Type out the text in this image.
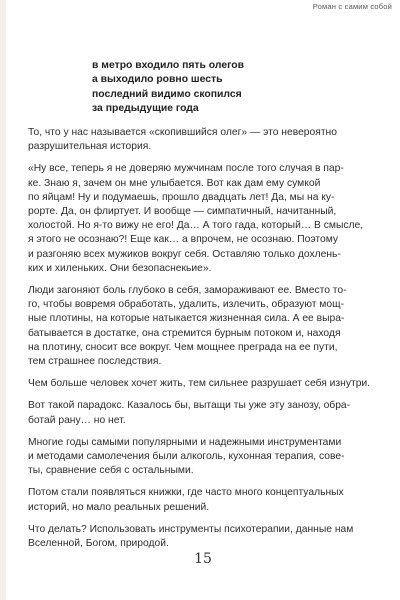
Роман с самим собой
в метро входило пять олегов
а выходило ровно шесть
последний видимо скопился
за предыдущие года
То, что у нас называется «скопившийся олег» — это невероятно
разрушительная история.
«Ну все, теперь я не доверяю мужчинам после того случая в пар-
ке. Знаю я, зачем он мне улыбается. Вот как дам ему сумкой
по яйцам! Ну и подумаешь, прошло двадцать лет! Да, мы на ку-
рорте. Да, он флиртует. И вообще — симпатичный, начитанный,
холостой. Но я-то вижу не его! Да… А того гада, который… В смысле,
я этого не осознаю?! Еще как… а впрочем, не осознаю. Поэтому
и разгоняю всех мужиков вокруг себя. Оставляю только дохлень-
ких и хиленьких. Они безопаснекьие».
Люди загоняют боль глубоко в себя, замораживают ее. Вместо то-
го, чтобы вовремя обработать, удалить, излечить, образуют мощ-
ные плотины, на которые натыкается жизненная сила. А ее выра-
батывается в достатке, она стремится бурным потоком и, находя
на плотину, сносит все вокруг. Чем мощнее преграда на ее пути,
тем страшнее последствия.
Чем больше человек хочет жить, тем сильнее разрушает себя изнутри.
Вот такой парадокс. Казалось бы, вытащи ты уже эту занозу, обра-
ботай рану… но нет.
Многие годы самыми популярными и надежными инструментами
и методами самолечения были алкоголь, кухонная терапия, сове-
ты, сравнение себя с остальными.
Потом стали появляться книжки, где часто много концептуальных
историй, но мало реальных решений.
Что делать? Использовать инструменты психотерапии, данные нам
Вселенной, Богом, природой.
15
